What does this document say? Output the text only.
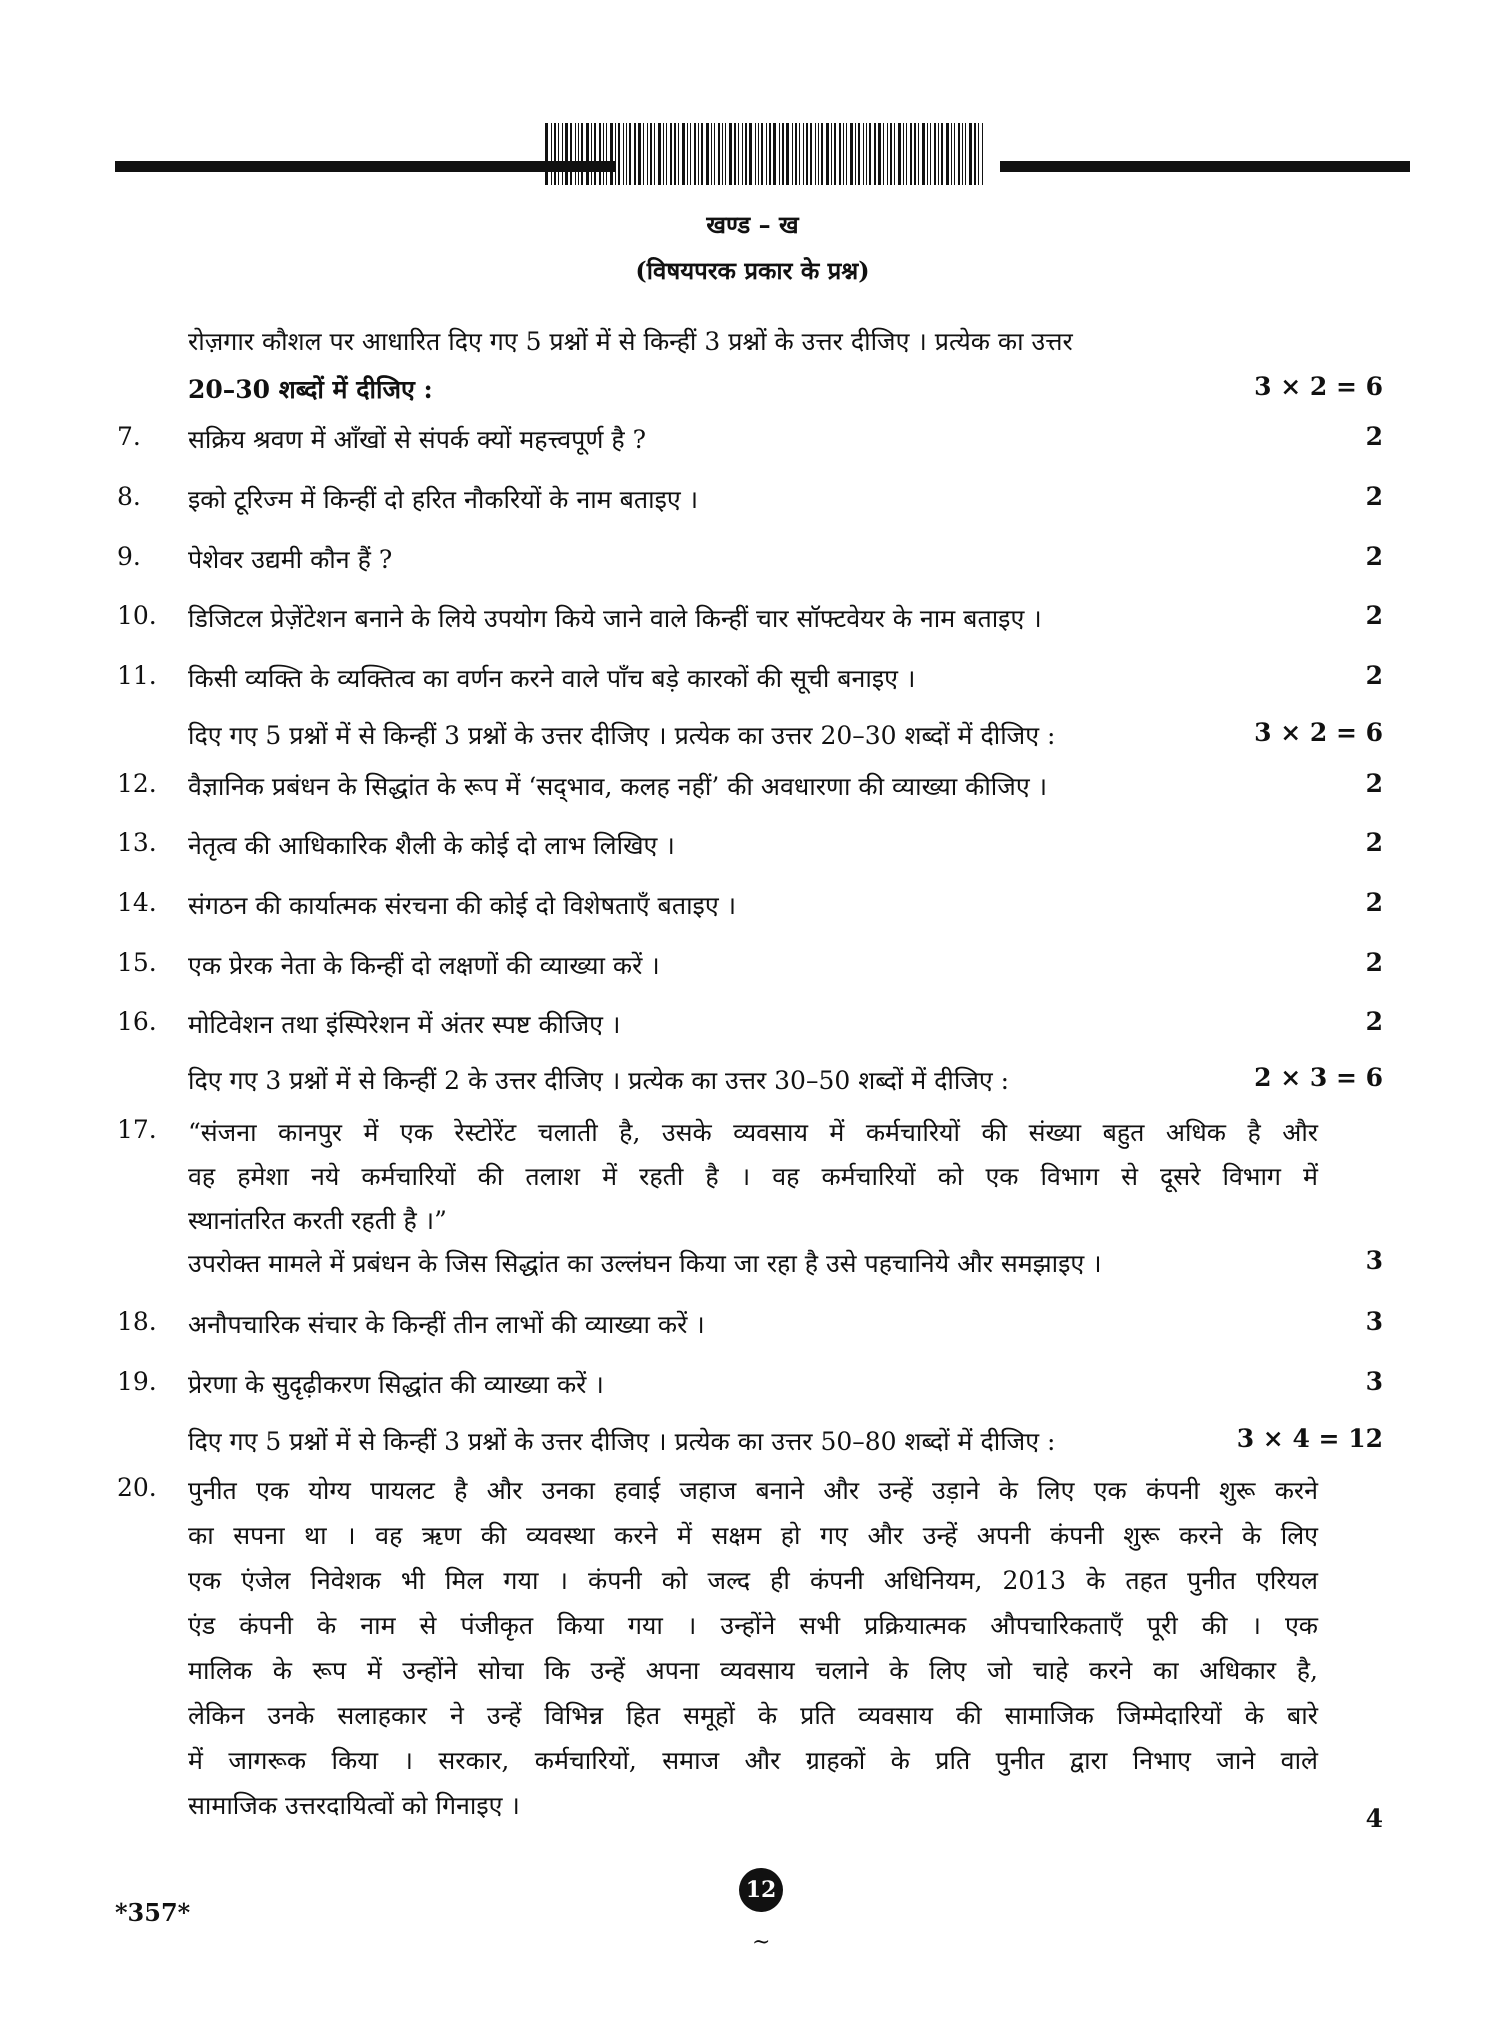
खण्ड – ख
(विषयपरक प्रकार के प्रश्न)
रोज़गार कौशल पर आधारित दिए गए 5 प्रश्नों में से किन्हीं 3 प्रश्नों के उत्तर दीजिए । प्रत्येक का उत्तर
20–30 शब्दों में दीजिए :	3 × 2 = 6
7. सक्रिय श्रवण में आँखों से संपर्क क्यों महत्त्वपूर्ण है ?	2
8. इको टूरिज्म में किन्हीं दो हरित नौकरियों के नाम बताइए ।	2
9. पेशेवर उद्यमी कौन हैं ?	2
10. डिजिटल प्रेज़ेंटेशन बनाने के लिये उपयोग किये जाने वाले किन्हीं चार सॉफ्टवेयर के नाम बताइए ।	2
11. किसी व्यक्ति के व्यक्तित्व का वर्णन करने वाले पाँच बड़े कारकों की सूची बनाइए ।	2
12. वैज्ञानिक प्रबंधन के सिद्धांत के रूप में ‘सद्‌भाव, कलह नहीं’ की अवधारणा की व्याख्या कीजिए ।	2
13. नेतृत्व की आधिकारिक शैली के कोई दो लाभ लिखिए ।	2
14. संगठन की कार्यात्मक संरचना की कोई दो विशेषताएँ बताइए ।	2
15. एक प्रेरक नेता के किन्हीं दो लक्षणों की व्याख्या करें ।	2
16. मोटिवेशन तथा इंस्पिरेशन में अंतर स्पष्ट कीजिए ।	2
18. अनौपचारिक संचार के किन्हीं तीन लाभों की व्याख्या करें ।	3
19. प्रेरणा के सुदृढ़ीकरण सिद्धांत की व्याख्या करें ।	3
दिए गए 5 प्रश्नों में से किन्हीं 3 प्रश्नों के उत्तर दीजिए । प्रत्येक का उत्तर 20–30 शब्दों में दीजिए :	3 × 2 = 6
दिए गए 3 प्रश्नों में से किन्हीं 2 के उत्तर दीजिए । प्रत्येक का उत्तर 30–50 शब्दों में दीजिए :	2 × 3 = 6
दिए गए 5 प्रश्नों में से किन्हीं 3 प्रश्नों के उत्तर दीजिए । प्रत्येक का उत्तर 50–80 शब्दों में दीजिए :	3 × 4 = 12
17. “संजना कानपुर में एक रेस्टोरेंट चलाती है, उसके व्यवसाय में कर्मचारियों की संख्या बहुत अधिक है और
वह हमेशा नये कर्मचारियों की तलाश में रहती है । वह कर्मचारियों को एक विभाग से दूसरे विभाग में
स्थानांतरित करती रहती है ।”
उपरोक्त मामले में प्रबंधन के जिस सिद्धांत का उल्लंघन किया जा रहा है उसे पहचानिये और समझाइए ।	3
20. पुनीत एक योग्य पायलट है और उनका हवाई जहाज बनाने और उन्हें उड़ाने के लिए एक कंपनी शुरू करने
का सपना था । वह ऋण की व्यवस्था करने में सक्षम हो गए और उन्हें अपनी कंपनी शुरू करने के लिए
एक एंजेल निवेशक भी मिल गया । कंपनी को जल्द ही कंपनी अधिनियम, 2013 के तहत पुनीत एरियल
एंड कंपनी के नाम से पंजीकृत किया गया । उन्होंने सभी प्रक्रियात्मक औपचारिकताएँ पूरी की । एक
मालिक के रूप में उन्होंने सोचा कि उन्हें अपना व्यवसाय चलाने के लिए जो चाहे करने का अधिकार है,
लेकिन उनके सलाहकार ने उन्हें विभिन्न हित समूहों के प्रति व्यवसाय की सामाजिक जिम्मेदारियों के बारे
में जागरूक किया । सरकार, कर्मचारियों, समाज और ग्राहकों के प्रति पुनीत द्वारा निभाए जाने वाले
सामाजिक उत्तरदायित्वों को गिनाइए ।	4
*357*
12
~
